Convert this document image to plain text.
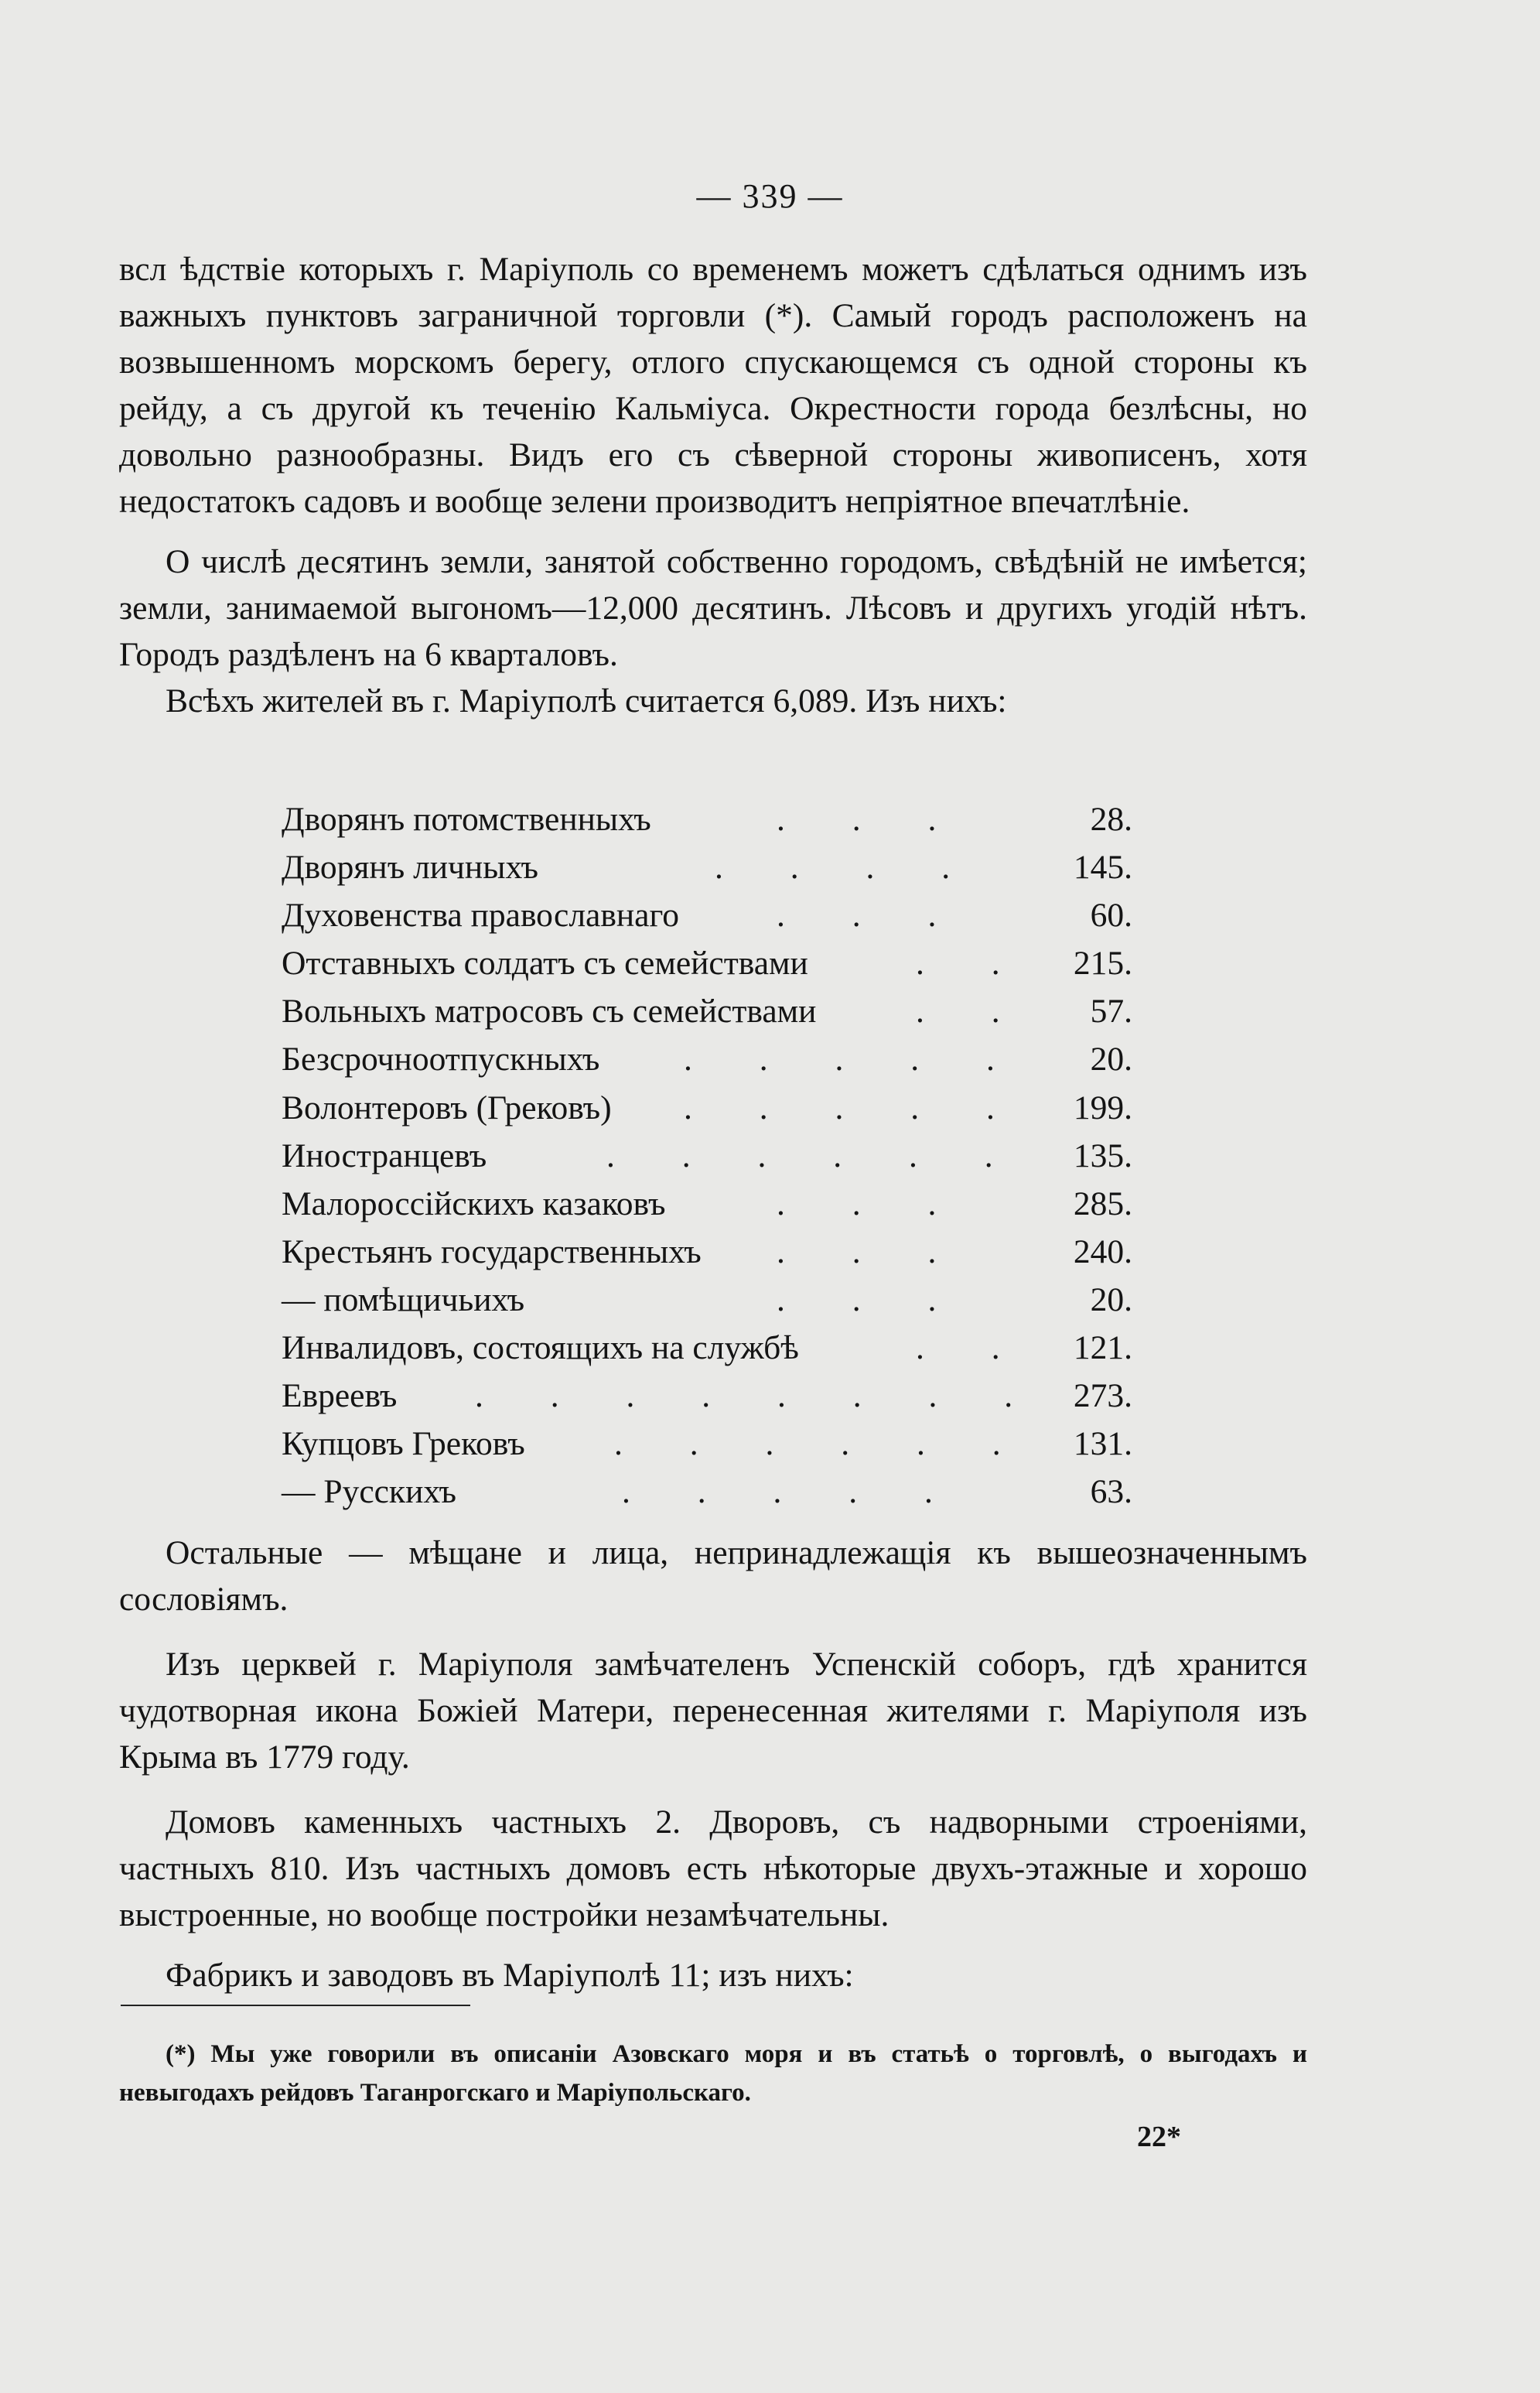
— 339 —

всл ѣдствіе которыхъ г. Маріуполь со временемъ можетъ сдѣлаться однимъ изъ важныхъ пунктовъ заграничной торговли (*). Самый городъ расположенъ на возвышенномъ морскомъ берегу, отлого спускающемся съ одной стороны къ рейду, а съ другой къ теченію Кальміуса. Окрестности города безлѣсны, но довольно разнообразны. Видъ его съ сѣверной стороны живописенъ, хотя недостатокъ садовъ и вообще зелени производитъ непріятное впечатлѣніе.

О числѣ десятинъ земли, занятой собственно городомъ, свѣдѣній не имѣется; земли, занимаемой выгономъ—12,000 десятинъ. Лѣсовъ и другихъ угодій нѣтъ. Городъ раздѣленъ на 6 кварталовъ.

Всѣхъ жителей въ г. Маріуполѣ считается 6,089. Изъ нихъ:

Дворянъ потомственныхъ	. . .	28.
Дворянъ личныхъ	. . . .	145.
Духовенства православнаго	. . .	60.
Отставныхъ солдатъ съ семействами	. . 215.
Вольныхъ матросовъ съ семействами	. . 57.
Безсрочноотпускныхъ . . . . . 20.
Волонтеровъ (Грековъ) . . . . . 199.
Иностранцевъ	. . . . . . 135.
Малороссійскихъ казаковъ	. . .	285.
Крестьянъ государственныхъ . . .	240.
— помѣщичьихъ	. . .	20.
Инвалидовъ, состоящихъ на службѣ	. . 121.
Евреевъ . . . . . . . . 273.
Купцовъ Грековъ	. . . . . . 131.
— Русскихъ	. . . . .	63.

Остальные — мѣщане и лица, непринадлежащія къ вышеозначеннымъ сословіямъ.

Изъ церквей г. Маріуполя замѣчателенъ Успенскій соборъ, гдѣ хранится чудотворная икона Божіей Матери, перенесенная жителями г. Маріуполя изъ Крыма въ 1779 году.

Домовъ каменныхъ частныхъ 2. Дворовъ, съ надворными строеніями, частныхъ 810. Изъ частныхъ домовъ есть нѣкоторые двухъ-этажные и хорошо выстроенные, но вообще постройки незамѣчательны.

Фабрикъ и заводовъ въ Маріуполѣ 11; изъ нихъ:

(*) Мы уже говорили въ описаніи Азовскаго моря и въ статьѣ о торговлѣ, о выгодахъ и невыгодахъ рейдовъ Таганрогскаго и Маріупольскаго.

22*
